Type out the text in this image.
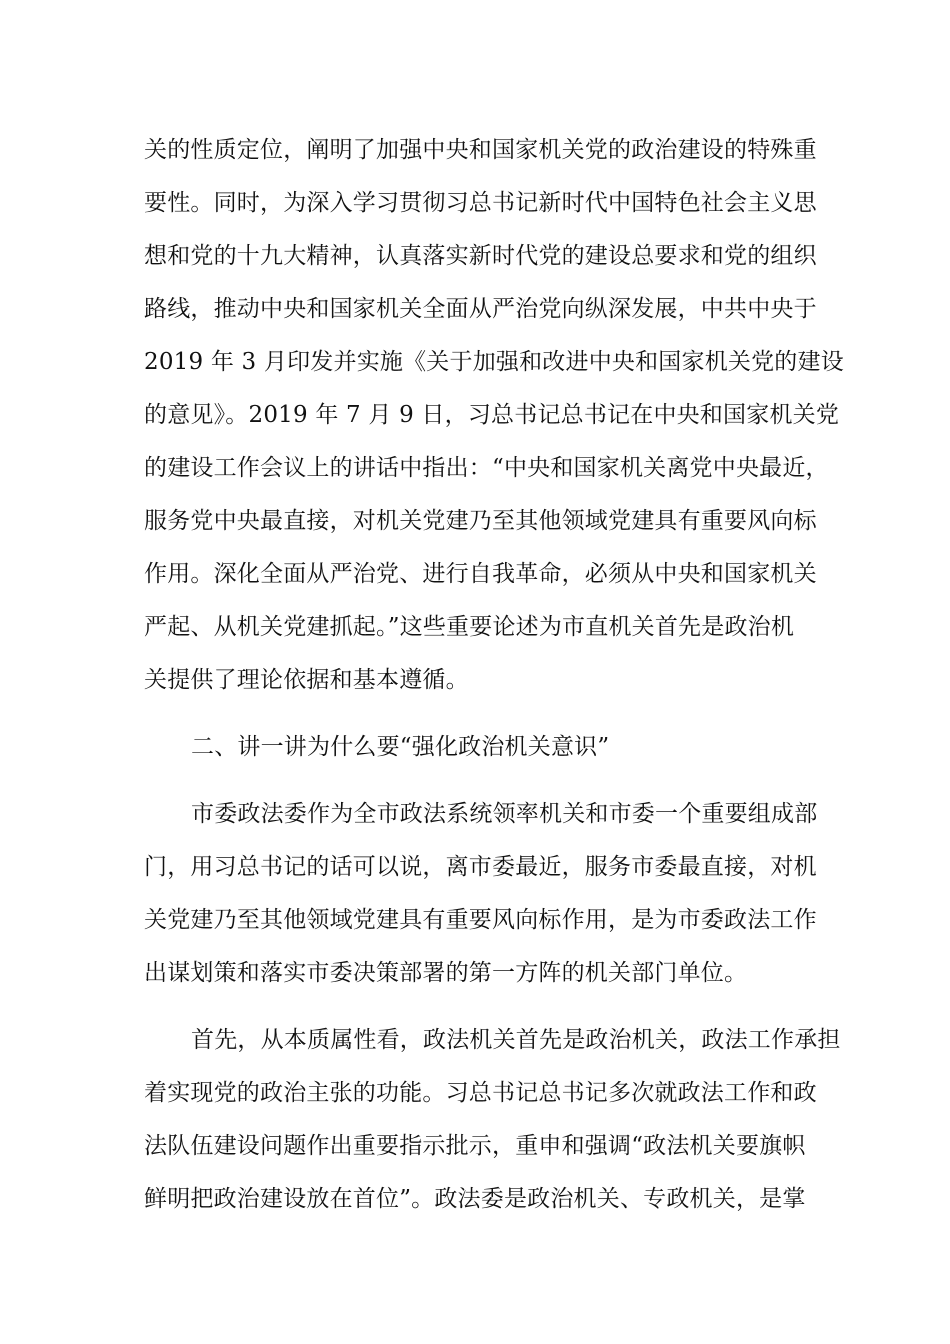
关的性质定位，阐明了加强中央和国家机关党的政治建设的特殊重
要性。同时，为深入学习贯彻习总书记新时代中国特色社会主义思
想和党的十九大精神，认真落实新时代党的建设总要求和党的组织
路线，推动中央和国家机关全面从严治党向纵深发展，中共中央于
2019 年 3 月印发并实施《关于加强和改进中央和国家机关党的建设
的意见》。2019 年 7 月 9 日，习总书记总书记在中央和国家机关党
的建设工作会议上的讲话中指出：“中央和国家机关离党中央最近，
服务党中央最直接，对机关党建乃至其他领域党建具有重要风向标
作用。深化全面从严治党、进行自我革命，必须从中央和国家机关
严起、从机关党建抓起。”这些重要论述为市直机关首先是政治机
关提供了理论依据和基本遵循。
二、讲一讲为什么要“强化政治机关意识”
市委政法委作为全市政法系统领率机关和市委一个重要组成部
门，用习总书记的话可以说，离市委最近，服务市委最直接，对机
关党建乃至其他领域党建具有重要风向标作用，是为市委政法工作
出谋划策和落实市委决策部署的第一方阵的机关部门单位。
首先，从本质属性看，政法机关首先是政治机关，政法工作承担
着实现党的政治主张的功能。习总书记总书记多次就政法工作和政
法队伍建设问题作出重要指示批示，重申和强调“政法机关要旗帜
鲜明把政治建设放在首位”。政法委是政治机关、专政机关，是掌
